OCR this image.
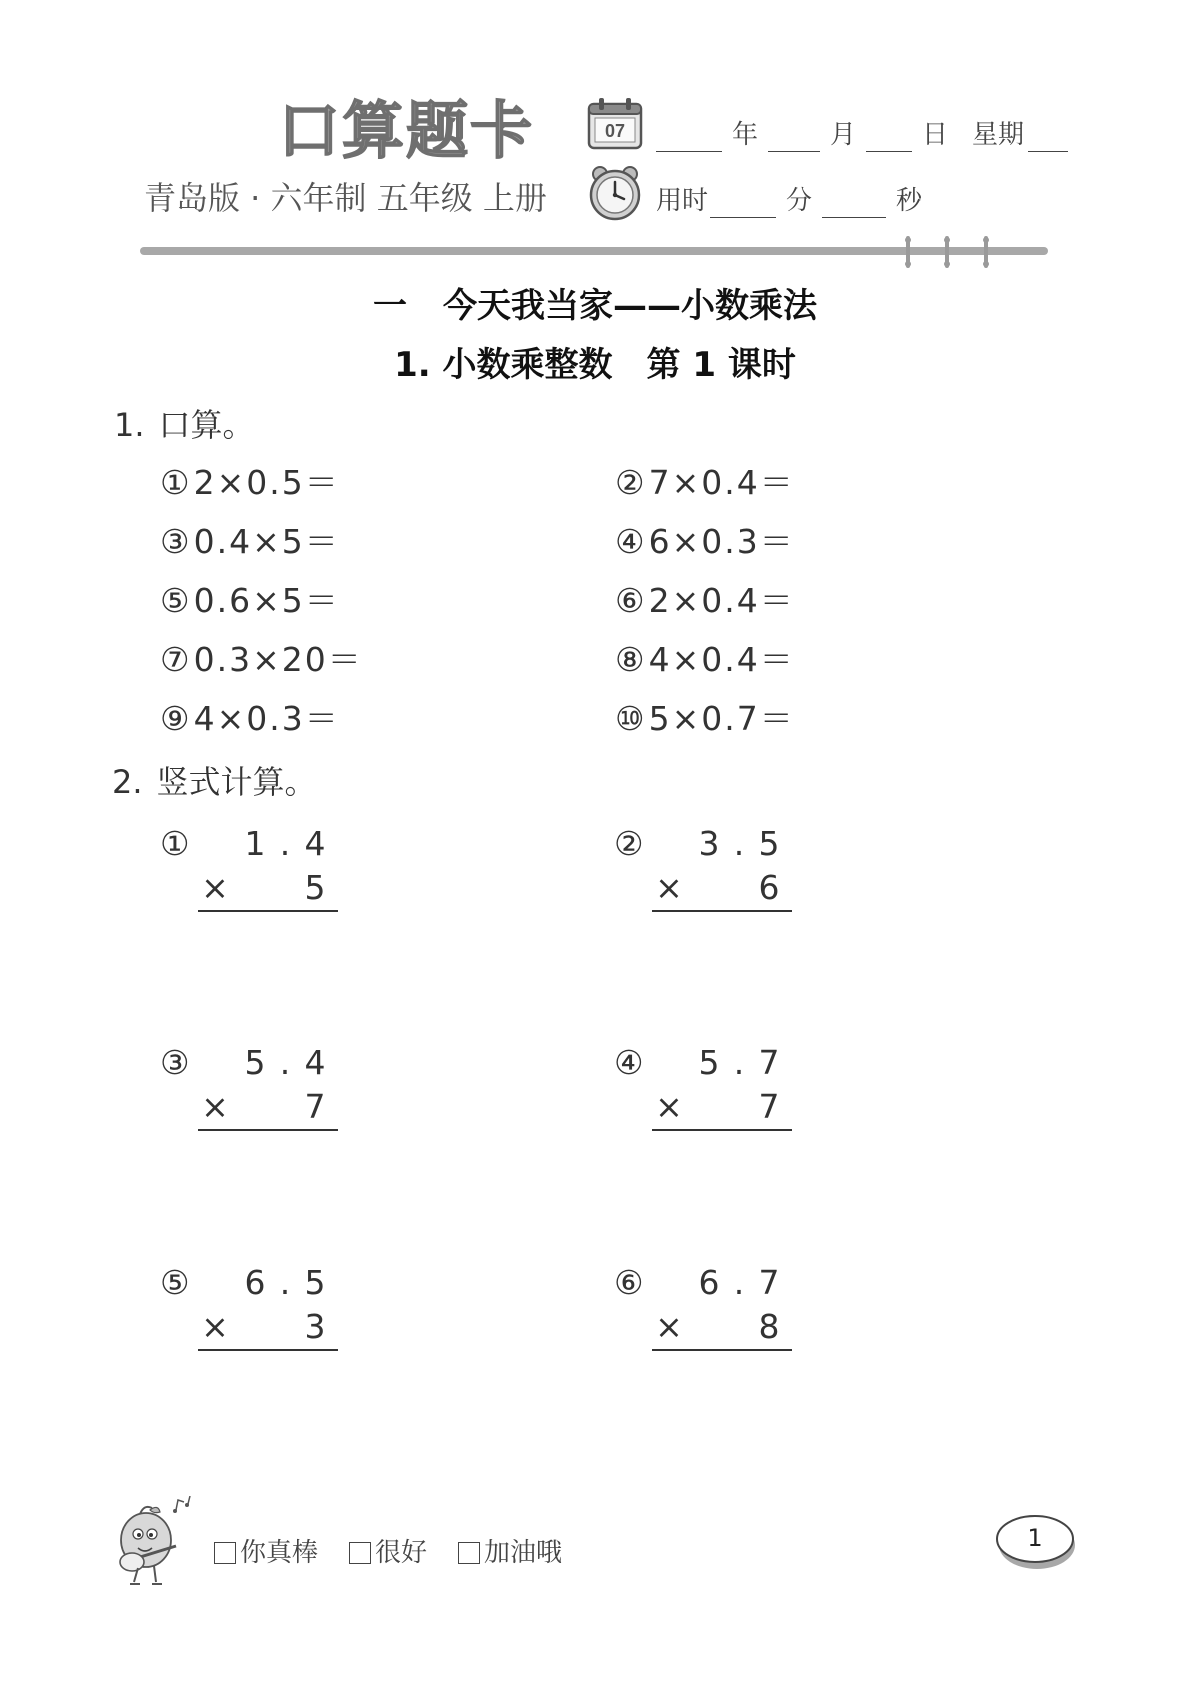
口算题卡
青岛版 · 六年制 五年级 上册
07	年	月	日 星期
用时	分	秒
一 今天我当家——小数乘法
1. 小数乘整数 第 1 课时
1. 口算。
① 2×0.5＝	② 7×0.4＝
③ 0.4×5＝	④ 6×0.3＝
⑤ 0.6×5＝	⑥ 2×0.4＝
⑦ 0.3×20＝	⑧ 4×0.4＝
⑨ 4×0.3＝	⑩ 5×0.7＝
2. 竖式计算。
① 1 . 4
× 5
② 3 . 5
× 6
③ 5 . 4
× 7
④ 5 . 7
× 7
⑤ 6 . 5
× 3
⑥ 6 . 7
× 8
你真棒 很好 加油哦	1
